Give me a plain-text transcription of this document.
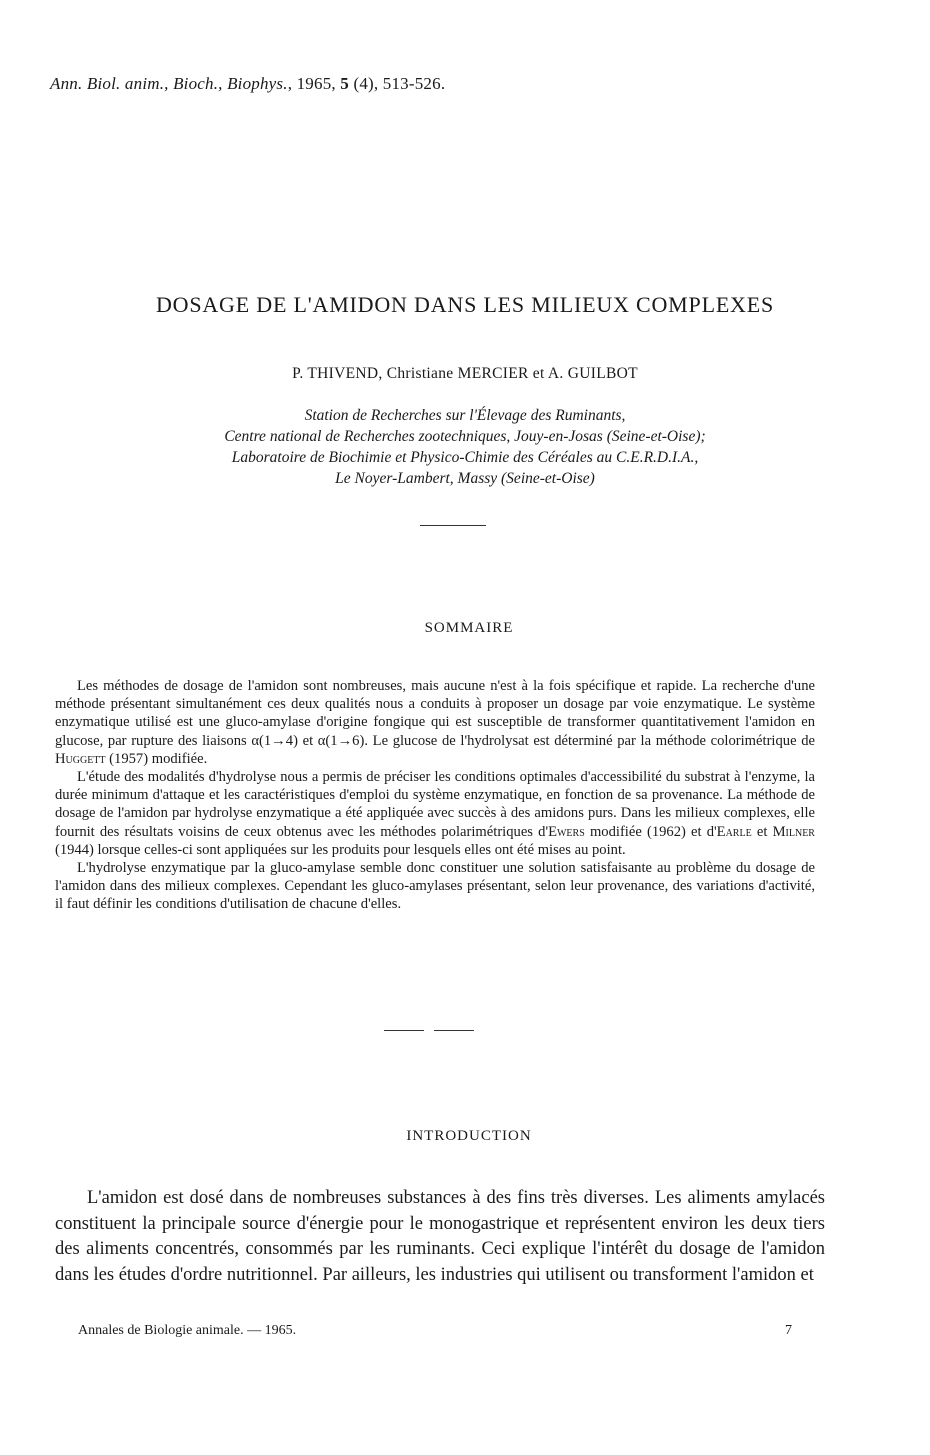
Ann. Biol. anim., Bioch., Biophys., 1965, 5 (4), 513-526.
DOSAGE DE L'AMIDON DANS LES MILIEUX COMPLEXES
P. THIVEND, Christiane MERCIER et A. GUILBOT
Station de Recherches sur l'Élevage des Ruminants,
Centre national de Recherches zootechniques, Jouy-en-Josas (Seine-et-Oise);
Laboratoire de Biochimie et Physico-Chimie des Céréales au C.E.R.D.I.A.,
Le Noyer-Lambert, Massy (Seine-et-Oise)
SOMMAIRE

Les méthodes de dosage de l'amidon sont nombreuses, mais aucune n'est à la fois spécifique et rapide. La recherche d'une méthode présentant simultanément ces deux qualités nous a conduits à proposer un dosage par voie enzymatique. Le système enzymatique utilisé est une gluco-amylase d'origine fongique qui est susceptible de transformer quantitativement l'amidon en glucose, par rupture des liaisons α(1→4) et α(1→6). Le glucose de l'hydrolysat est déterminé par la méthode colorimétrique de Huggett (1957) modifiée.

L'étude des modalités d'hydrolyse nous a permis de préciser les conditions optimales d'accessibilité du substrat à l'enzyme, la durée minimum d'attaque et les caractéristiques d'emploi du système enzymatique, en fonction de sa provenance. La méthode de dosage de l'amidon par hydrolyse enzymatique a été appliquée avec succès à des amidons purs. Dans les milieux complexes, elle fournit des résultats voisins de ceux obtenus avec les méthodes polarimétriques d'Ewers modifiée (1962) et d'Earle et Milner (1944) lorsque celles-ci sont appliquées sur les produits pour lesquels elles ont été mises au point.

L'hydrolyse enzymatique par la gluco-amylase semble donc constituer une solution satisfaisante au problème du dosage de l'amidon dans des milieux complexes. Cependant les gluco-amylases présentant, selon leur provenance, des variations d'activité, il faut définir les conditions d'utilisation de chacune d'elles.

INTRODUCTION

L'amidon est dosé dans de nombreuses substances à des fins très diverses. Les aliments amylacés constituent la principale source d'énergie pour le monogastrique et représentent environ les deux tiers des aliments concentrés, consommés par les ruminants. Ceci explique l'intérêt du dosage de l'amidon dans les études d'ordre nutritionnel. Par ailleurs, les industries qui utilisent ou transforment l'amidon et

Annales de Biologie animale. — 1965.	7
